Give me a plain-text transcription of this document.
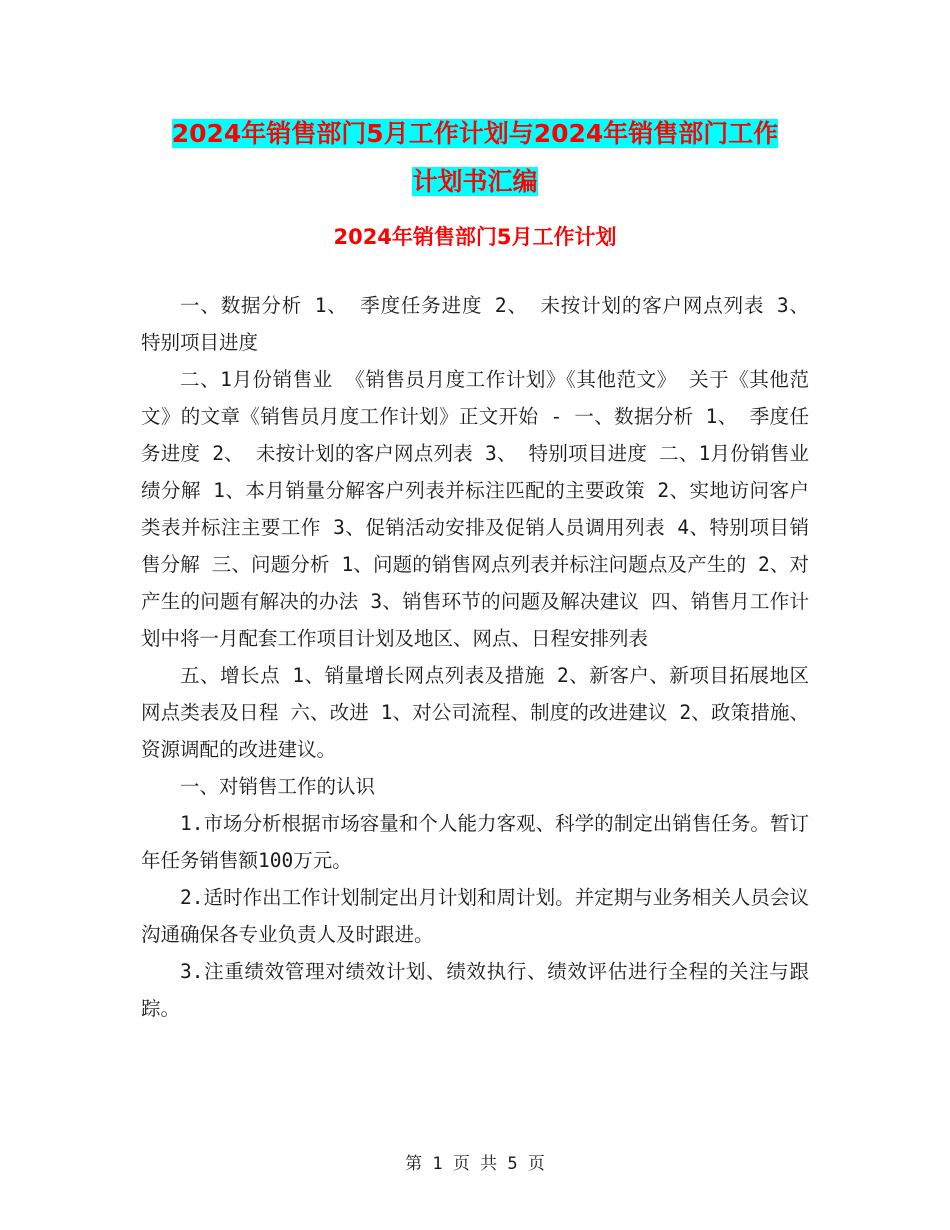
2024年销售部门5月工作计划与2024年销售部门工作
计划书汇编
2024年销售部门5月工作计划

一、数据分析 1、 季度任务进度 2、 未按计划的客户网点列表 3、 特别项目进度

二、1月份销售业 《销售员月度工作计划》《其他范文》 关于《其他范文》的文章《销售员月度工作计划》正文开始 - 一、数据分析 1、 季度任务进度 2、 未按计划的客户网点列表 3、 特别项目进度 二、1月份销售业绩分解 1、本月销量分解客户列表并标注匹配的主要政策 2、实地访问客户类表并标注主要工作 3、促销活动安排及促销人员调用列表 4、特别项目销售分解 三、问题分析 1、问题的销售网点列表并标注问题点及产生的 2、对产生的问题有解决的办法 3、销售环节的问题及解决建议 四、销售月工作计划中将一月配套工作项目计划及地区、网点、日程安排列表

五、增长点 1、销量增长网点列表及措施 2、新客户、新项目拓展地区网点类表及日程 六、改进 1、对公司流程、制度的改进建议 2、政策措施、资源调配的改进建议。

一、对销售工作的认识

1.市场分析根据市场容量和个人能力客观、科学的制定出销售任务。暂订年任务销售额100万元。

2.适时作出工作计划制定出月计划和周计划。并定期与业务相关人员会议沟通确保各专业负责人及时跟进。

3.注重绩效管理对绩效计划、绩效执行、绩效评估进行全程的关注与跟踪。

第 1 页 共 5 页
